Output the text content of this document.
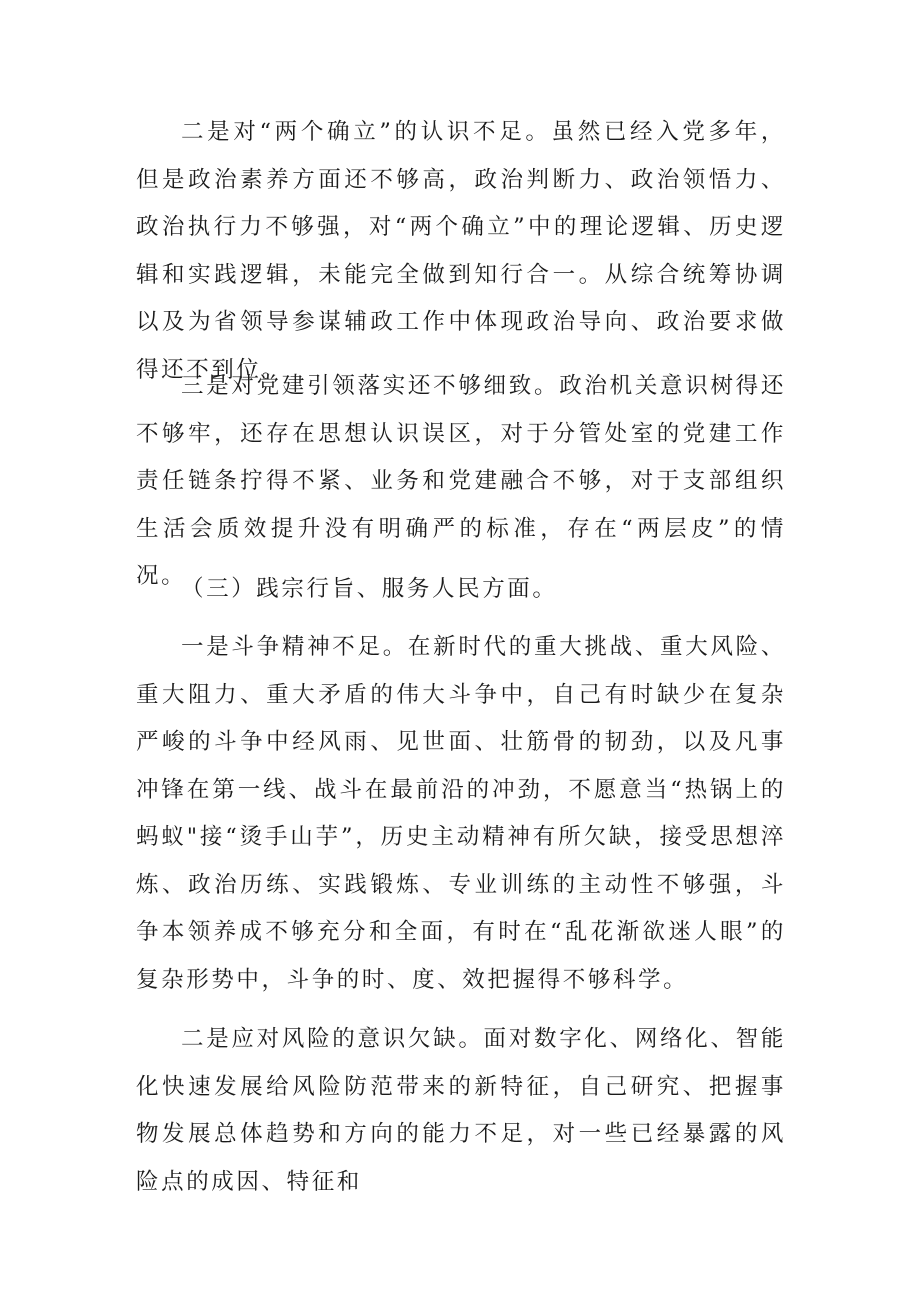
二是对“两个确立”的认识不足。虽然已经入党多年，但是政治素养方面还不够高，政治判断力、政治领悟力、政治执行力不够强，对“两个确立”中的理论逻辑、历史逻辑和实践逻辑，未能完全做到知行合一。从综合统筹协调以及为省领导参谋辅政工作中体现政治导向、政治要求做得还不到位。

三是对党建引领落实还不够细致。政治机关意识树得还不够牢，还存在思想认识误区，对于分管处室的党建工作责任链条拧得不紧、业务和党建融合不够，对于支部组织生活会质效提升没有明确严的标准，存在“两层皮”的情况。

（三）践宗行旨、服务人民方面。

一是斗争精神不足。在新时代的重大挑战、重大风险、重大阻力、重大矛盾的伟大斗争中，自己有时缺少在复杂严峻的斗争中经风雨、见世面、壮筋骨的韧劲，以及凡事冲锋在第一线、战斗在最前沿的冲劲，不愿意当“热锅上的蚂蚁"接“烫手山芋”，历史主动精神有所欠缺，接受思想淬炼、政治历练、实践锻炼、专业训练的主动性不够强，斗争本领养成不够充分和全面，有时在“乱花渐欲迷人眼”的复杂形势中，斗争的时、度、效把握得不够科学。

二是应对风险的意识欠缺。面对数字化、网络化、智能化快速发展给风险防范带来的新特征，自己研究、把握事物发展总体趋势和方向的能力不足，对一些已经暴露的风险点的成因、特征和
